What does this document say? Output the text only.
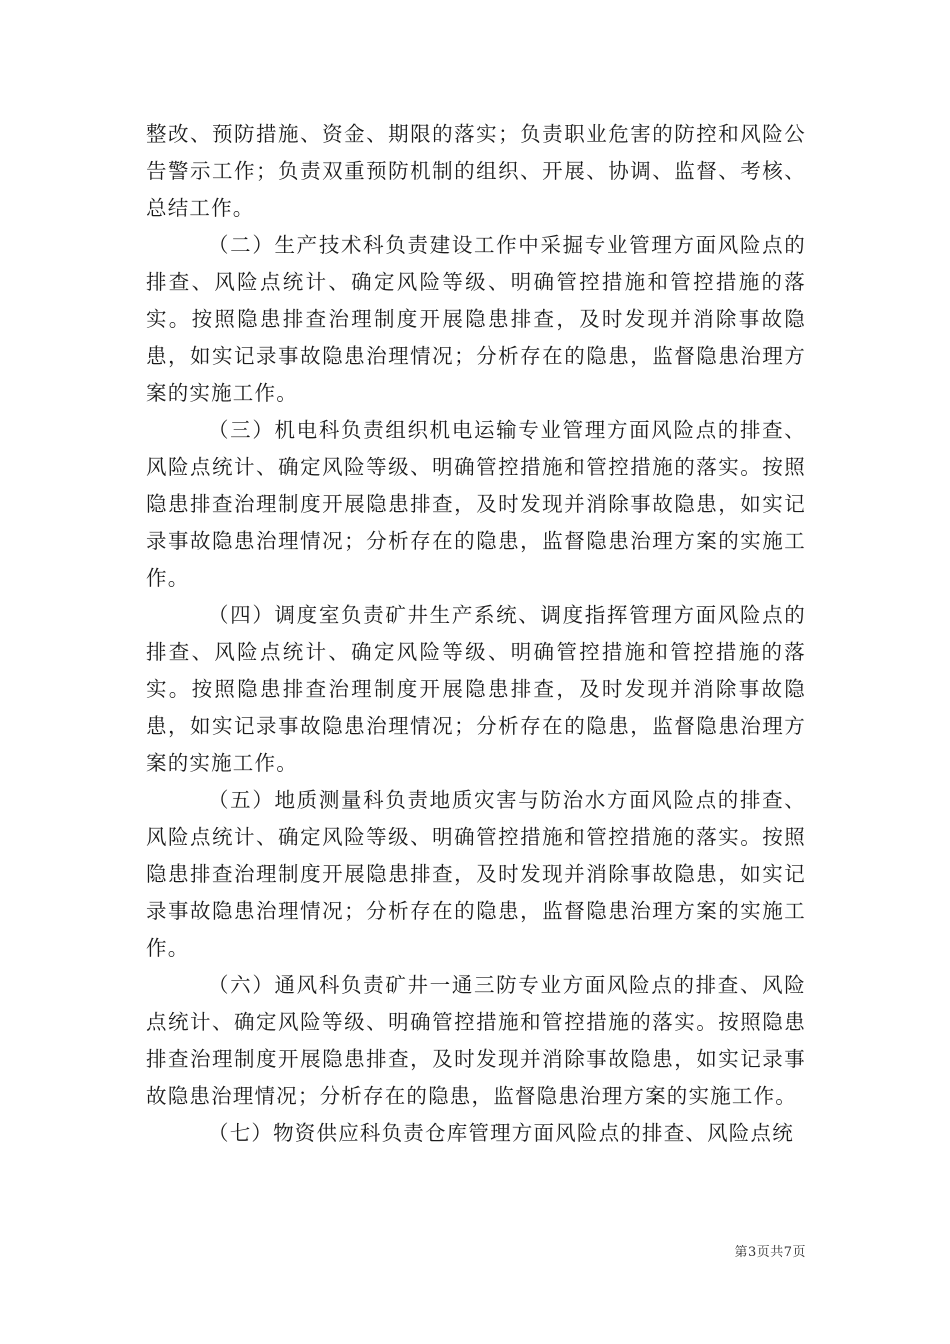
整改、预防措施、资金、期限的落实；负责职业危害的防控和风险公告警示工作；负责双重预防机制的组织、开展、协调、监督、考核、总结工作。

（二）生产技术科负责建设工作中采掘专业管理方面风险点的排查、风险点统计、确定风险等级、明确管控措施和管控措施的落实。按照隐患排查治理制度开展隐患排查，及时发现并消除事故隐患，如实记录事故隐患治理情况；分析存在的隐患，监督隐患治理方案的实施工作。

（三）机电科负责组织机电运输专业管理方面风险点的排查、风险点统计、确定风险等级、明确管控措施和管控措施的落实。按照隐患排查治理制度开展隐患排查，及时发现并消除事故隐患，如实记录事故隐患治理情况；分析存在的隐患，监督隐患治理方案的实施工作。

（四）调度室负责矿井生产系统、调度指挥管理方面风险点的排查、风险点统计、确定风险等级、明确管控措施和管控措施的落实。按照隐患排查治理制度开展隐患排查，及时发现并消除事故隐患，如实记录事故隐患治理情况；分析存在的隐患，监督隐患治理方案的实施工作。

（五）地质测量科负责地质灾害与防治水方面风险点的排查、风险点统计、确定风险等级、明确管控措施和管控措施的落实。按照隐患排查治理制度开展隐患排查，及时发现并消除事故隐患，如实记录事故隐患治理情况；分析存在的隐患，监督隐患治理方案的实施工作。

（六）通风科负责矿井一通三防专业方面风险点的排查、风险点统计、确定风险等级、明确管控措施和管控措施的落实。按照隐患排查治理制度开展隐患排查，及时发现并消除事故隐患，如实记录事故隐患治理情况；分析存在的隐患，监督隐患治理方案的实施工作。

（七）物资供应科负责仓库管理方面风险点的排查、风险点统

第3页共7页
